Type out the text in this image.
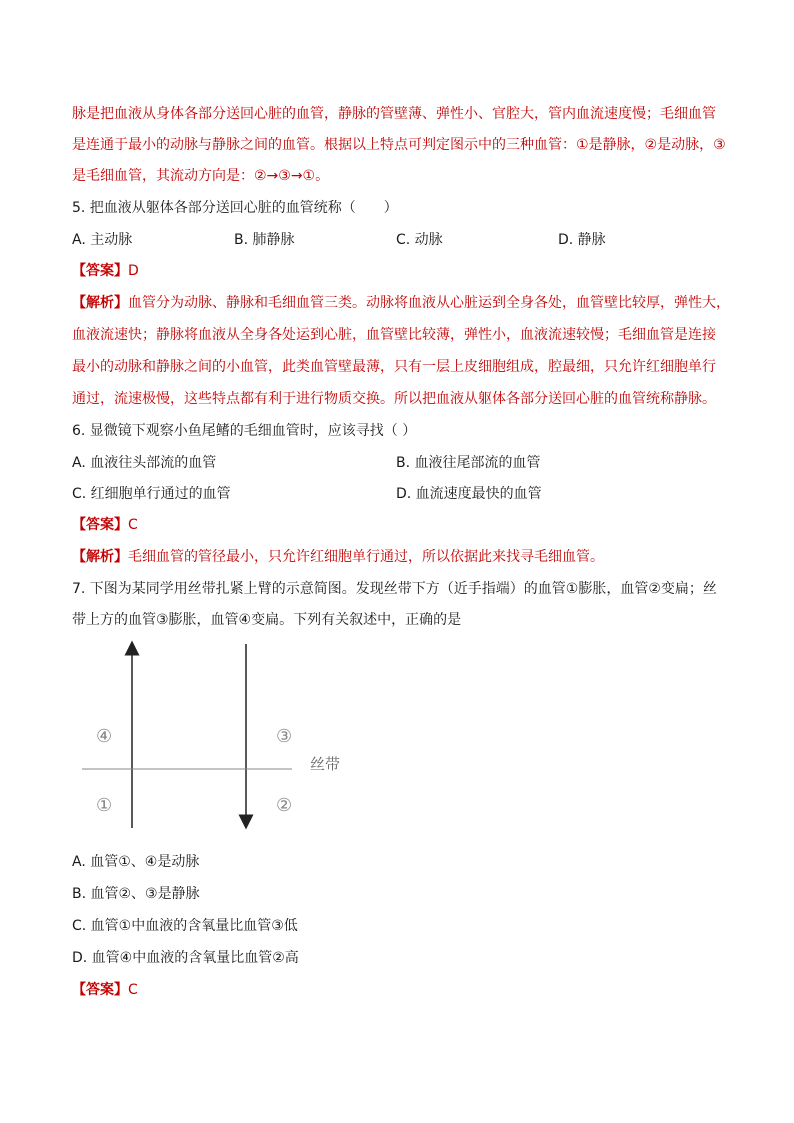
脉是把血液从身体各部分送回心脏的血管，静脉的管壁薄、弹性小、官腔大，管内血流速度慢；毛细血管
是连通于最小的动脉与静脉之间的血管。根据以上特点可判定图示中的三种血管：①是静脉，②是动脉，③
是毛细血管，其流动方向是：②→③→①。
5. 把血液从躯体各部分送回心脏的血管统称（　　）
A. 主动脉	B. 肺静脉	C. 动脉	D. 静脉
【答案】D
【解析】血管分为动脉、静脉和毛细血管三类。动脉将血液从心脏运到全身各处，血管壁比较厚，弹性大，
血液流速快；静脉将血液从全身各处运到心脏，血管壁比较薄，弹性小，血液流速较慢；毛细血管是连接
最小的动脉和静脉之间的小血管，此类血管壁最薄，只有一层上皮细胞组成，腔最细，只允许红细胞单行
通过，流速极慢，这些特点都有利于进行物质交换。所以把血液从躯体各部分送回心脏的血管统称静脉。
6. 显微镜下观察小鱼尾鳍的毛细血管时，应该寻找（ ）
A. 血液往头部流的血管	B. 血液往尾部流的血管
C. 红细胞单行通过的血管	D. 血流速度最快的血管
【答案】C
【解析】毛细血管的管径最小，只允许红细胞单行通过，所以依据此来找寻毛细血管。
7. 下图为某同学用丝带扎紧上臂的示意简图。发现丝带下方（近手指端）的血管①膨胀，血管②变扁；丝
带上方的血管③膨胀，血管④变扁。下列有关叙述中，正确的是
④	③
①	②
丝带
A. 血管①、④是动脉
B. 血管②、③是静脉
C. 血管①中血液的含氧量比血管③低
D. 血管④中血液的含氧量比血管②高
【答案】C
